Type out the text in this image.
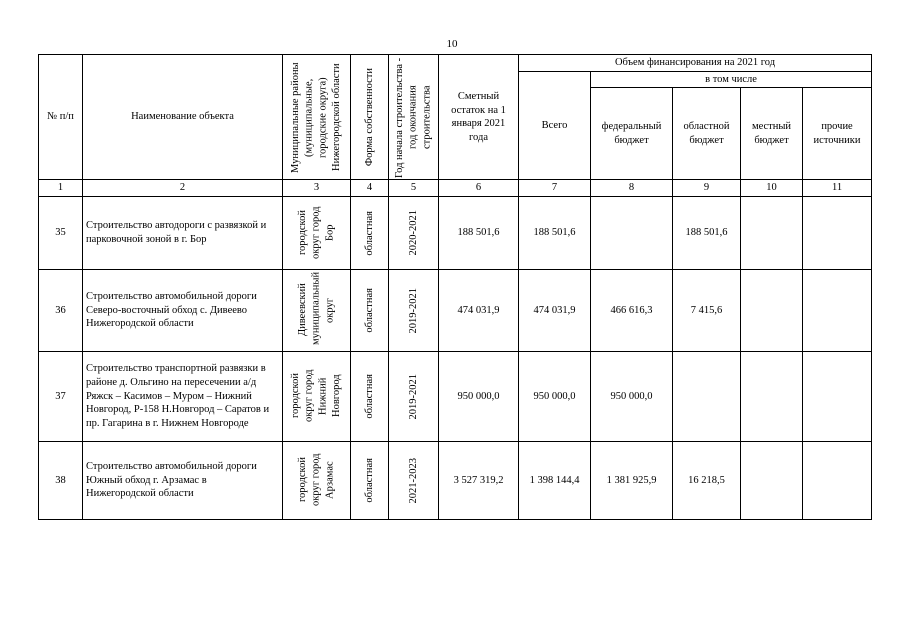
10
№ п/п	Наименование объекта	Муниципальные районы (муниципальные, городские округа) Нижегородской области	Форма собственности	Год начала строительства - год окончания строительства	Сметный остаток на 1 января 2021 года	Объем финансирования на 2021 год				
						Всего	в том числе			
							федеральный бюджет	областной бюджет	местный бюджет	прочие источники
1	2	3	4	5	6	7	8	9	10	11
35	Строительство автодороги с развязкой и парковочной зоной в г. Бор	городской округ город Бор	областная	2020-2021	188 501,6	188 501,6		188 501,6		
36	Строительство автомобильной дороги Северо-восточный обход с. Дивеево Нижегородской области	Дивеевский муниципальный округ	областная	2019-2021	474 031,9	474 031,9	466 616,3	7 415,6		
37	Строительство транспортной развязки в районе д. Ольгино на пересечении а/д Ряжск – Касимов – Муром – Нижний Новгород, Р-158 Н.Новгород – Саратов и пр. Гагарина в г. Нижнем Новгороде	городской округ город Нижний Новгород	областная	2019-2021	950 000,0	950 000,0	950 000,0			
38	Строительство автомобильной дороги Южный обход г. Арзамас в Нижегородской области	городской округ город Арзамас	областная	2021-2023	3 527 319,2	1 398 144,4	1 381 925,9	16 218,5		
